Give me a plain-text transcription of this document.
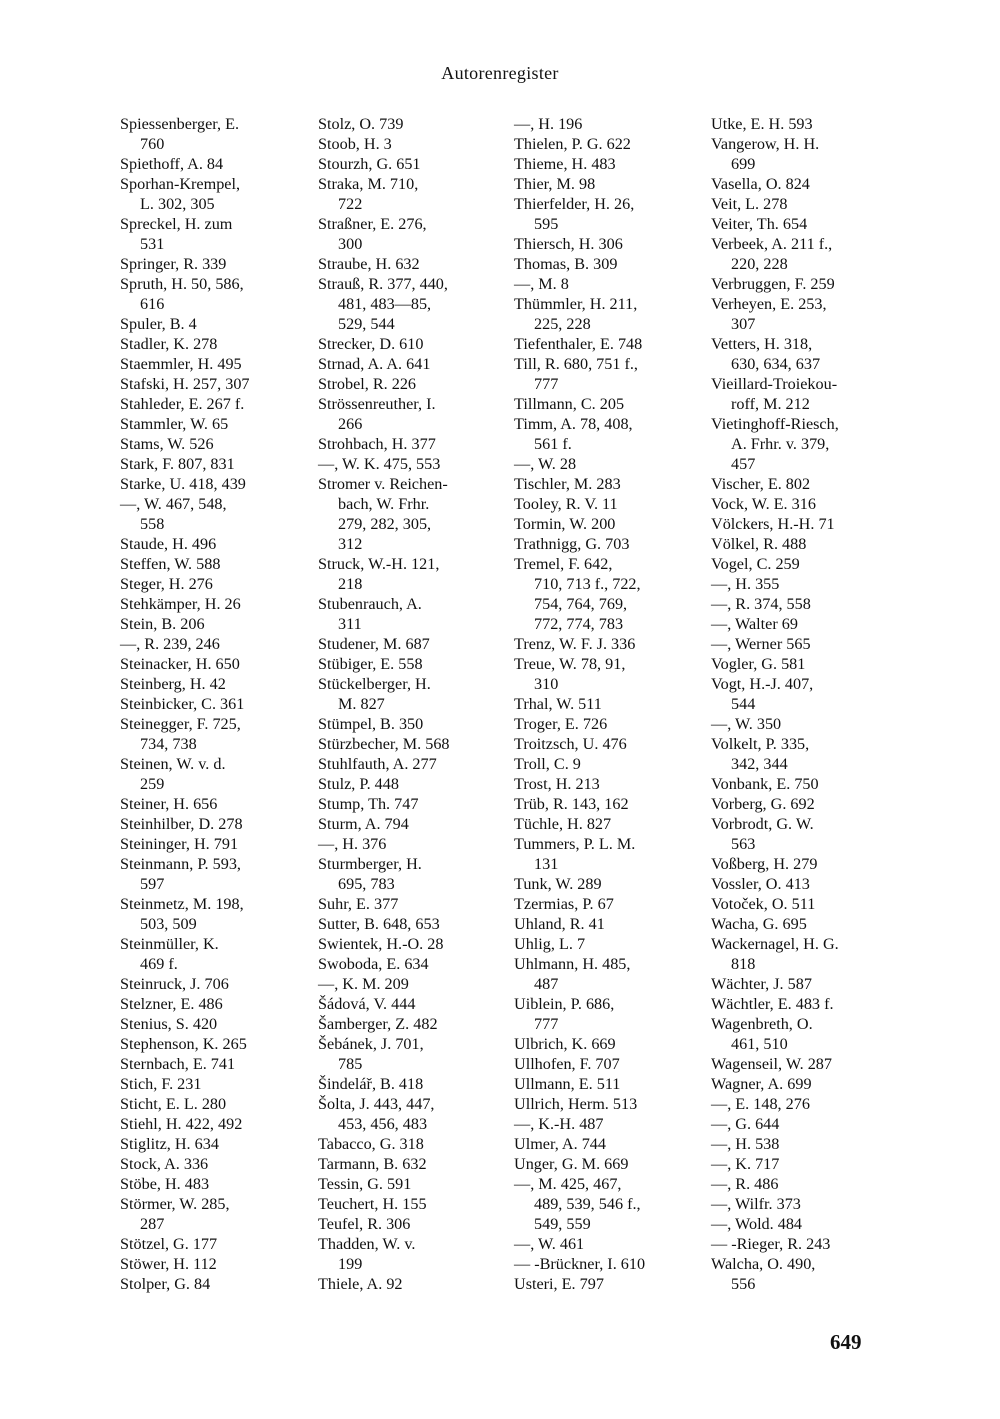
Autorenregister
Spiessenberger, E.
760
Spiethoff, A. 84
Sporhan-Krempel,
L. 302, 305
Spreckel, H. zum
531
Springer, R. 339
Spruth, H. 50, 586,
616
Spuler, B. 4
Stadler, K. 278
Staemmler, H. 495
Stafski, H. 257, 307
Stahleder, E. 267 f.
Stammler, W. 65
Stams, W. 526
Stark, F. 807, 831
Starke, U. 418, 439
—, W. 467, 548,
558
Staude, H. 496
Steffen, W. 588
Steger, H. 276
Stehkämper, H. 26
Stein, B. 206
—, R. 239, 246
Steinacker, H. 650
Steinberg, H. 42
Steinbicker, C. 361
Steinegger, F. 725,
734, 738
Steinen, W. v. d.
259
Steiner, H. 656
Steinhilber, D. 278
Steininger, H. 791
Steinmann, P. 593,
597
Steinmetz, M. 198,
503, 509
Steinmüller, K.
469 f.
Steinruck, J. 706
Stelzner, E. 486
Stenius, S. 420
Stephenson, K. 265
Sternbach, E. 741
Stich, F. 231
Sticht, E. L. 280
Stiehl, H. 422, 492
Stiglitz, H. 634
Stock, A. 336
Stöbe, H. 483
Störmer, W. 285,
287
Stötzel, G. 177
Stöwer, H. 112
Stolper, G. 84
Stolz, O. 739
Stoob, H. 3
Stourzh, G. 651
Straka, M. 710,
722
Straßner, E. 276,
300
Straube, H. 632
Strauß, R. 377, 440,
481, 483—85,
529, 544
Strecker, D. 610
Strnad, A. A. 641
Strobel, R. 226
Strössenreuther, I.
266
Strohbach, H. 377
—, W. K. 475, 553
Stromer v. Reichen-
bach, W. Frhr.
279, 282, 305,
312
Struck, W.-H. 121,
218
Stubenrauch, A.
311
Studener, M. 687
Stübiger, E. 558
Stückelberger, H.
M. 827
Stümpel, B. 350
Stürzbecher, M. 568
Stuhlfauth, A. 277
Stulz, P. 448
Stump, Th. 747
Sturm, A. 794
—, H. 376
Sturmberger, H.
695, 783
Suhr, E. 377
Sutter, B. 648, 653
Swientek, H.-O. 28
Swoboda, E. 634
—, K. M. 209
Šádová, V. 444
Šamberger, Z. 482
Šebánek, J. 701,
785
Šindelář, B. 418
Šolta, J. 443, 447,
453, 456, 483
Tabacco, G. 318
Tarmann, B. 632
Tessin, G. 591
Teuchert, H. 155
Teufel, R. 306
Thadden, W. v.
199
Thiele, A. 92
—, H. 196
Thielen, P. G. 622
Thieme, H. 483
Thier, M. 98
Thierfelder, H. 26,
595
Thiersch, H. 306
Thomas, B. 309
—, M. 8
Thümmler, H. 211,
225, 228
Tiefenthaler, E. 748
Till, R. 680, 751 f.,
777
Tillmann, C. 205
Timm, A. 78, 408,
561 f.
—, W. 28
Tischler, M. 283
Tooley, R. V. 11
Tormin, W. 200
Trathnigg, G. 703
Tremel, F. 642,
710, 713 f., 722,
754, 764, 769,
772, 774, 783
Trenz, W. F. J. 336
Treue, W. 78, 91,
310
Trhal, W. 511
Troger, E. 726
Troitzsch, U. 476
Troll, C. 9
Trost, H. 213
Trüb, R. 143, 162
Tüchle, H. 827
Tummers, P. L. M.
131
Tunk, W. 289
Tzermias, P. 67
Uhland, R. 41
Uhlig, L. 7
Uhlmann, H. 485,
487
Uiblein, P. 686,
777
Ulbrich, K. 669
Ullhofen, F. 707
Ullmann, E. 511
Ullrich, Herm. 513
—, K.-H. 487
Ulmer, A. 744
Unger, G. M. 669
—, M. 425, 467,
489, 539, 546 f.,
549, 559
—, W. 461
— -Brückner, I. 610
Usteri, E. 797
Utke, E. H. 593
Vangerow, H. H.
699
Vasella, O. 824
Veit, L. 278
Veiter, Th. 654
Verbeek, A. 211 f.,
220, 228
Verbruggen, F. 259
Verheyen, E. 253,
307
Vetters, H. 318,
630, 634, 637
Vieillard-Troiekou-
roff, M. 212
Vietinghoff-Riesch,
A. Frhr. v. 379,
457
Vischer, E. 802
Vock, W. E. 316
Völckers, H.-H. 71
Völkel, R. 488
Vogel, C. 259
—, H. 355
—, R. 374, 558
—, Walter 69
—, Werner 565
Vogler, G. 581
Vogt, H.-J. 407,
544
—, W. 350
Volkelt, P. 335,
342, 344
Vonbank, E. 750
Vorberg, G. 692
Vorbrodt, G. W.
563
Voßberg, H. 279
Vossler, O. 413
Votoček, O. 511
Wacha, G. 695
Wackernagel, H. G.
818
Wächter, J. 587
Wächtler, E. 483 f.
Wagenbreth, O.
461, 510
Wagenseil, W. 287
Wagner, A. 699
—, E. 148, 276
—, G. 644
—, H. 538
—, K. 717
—, R. 486
—, Wilfr. 373
—, Wold. 484
— -Rieger, R. 243
Walcha, O. 490,
556
649
